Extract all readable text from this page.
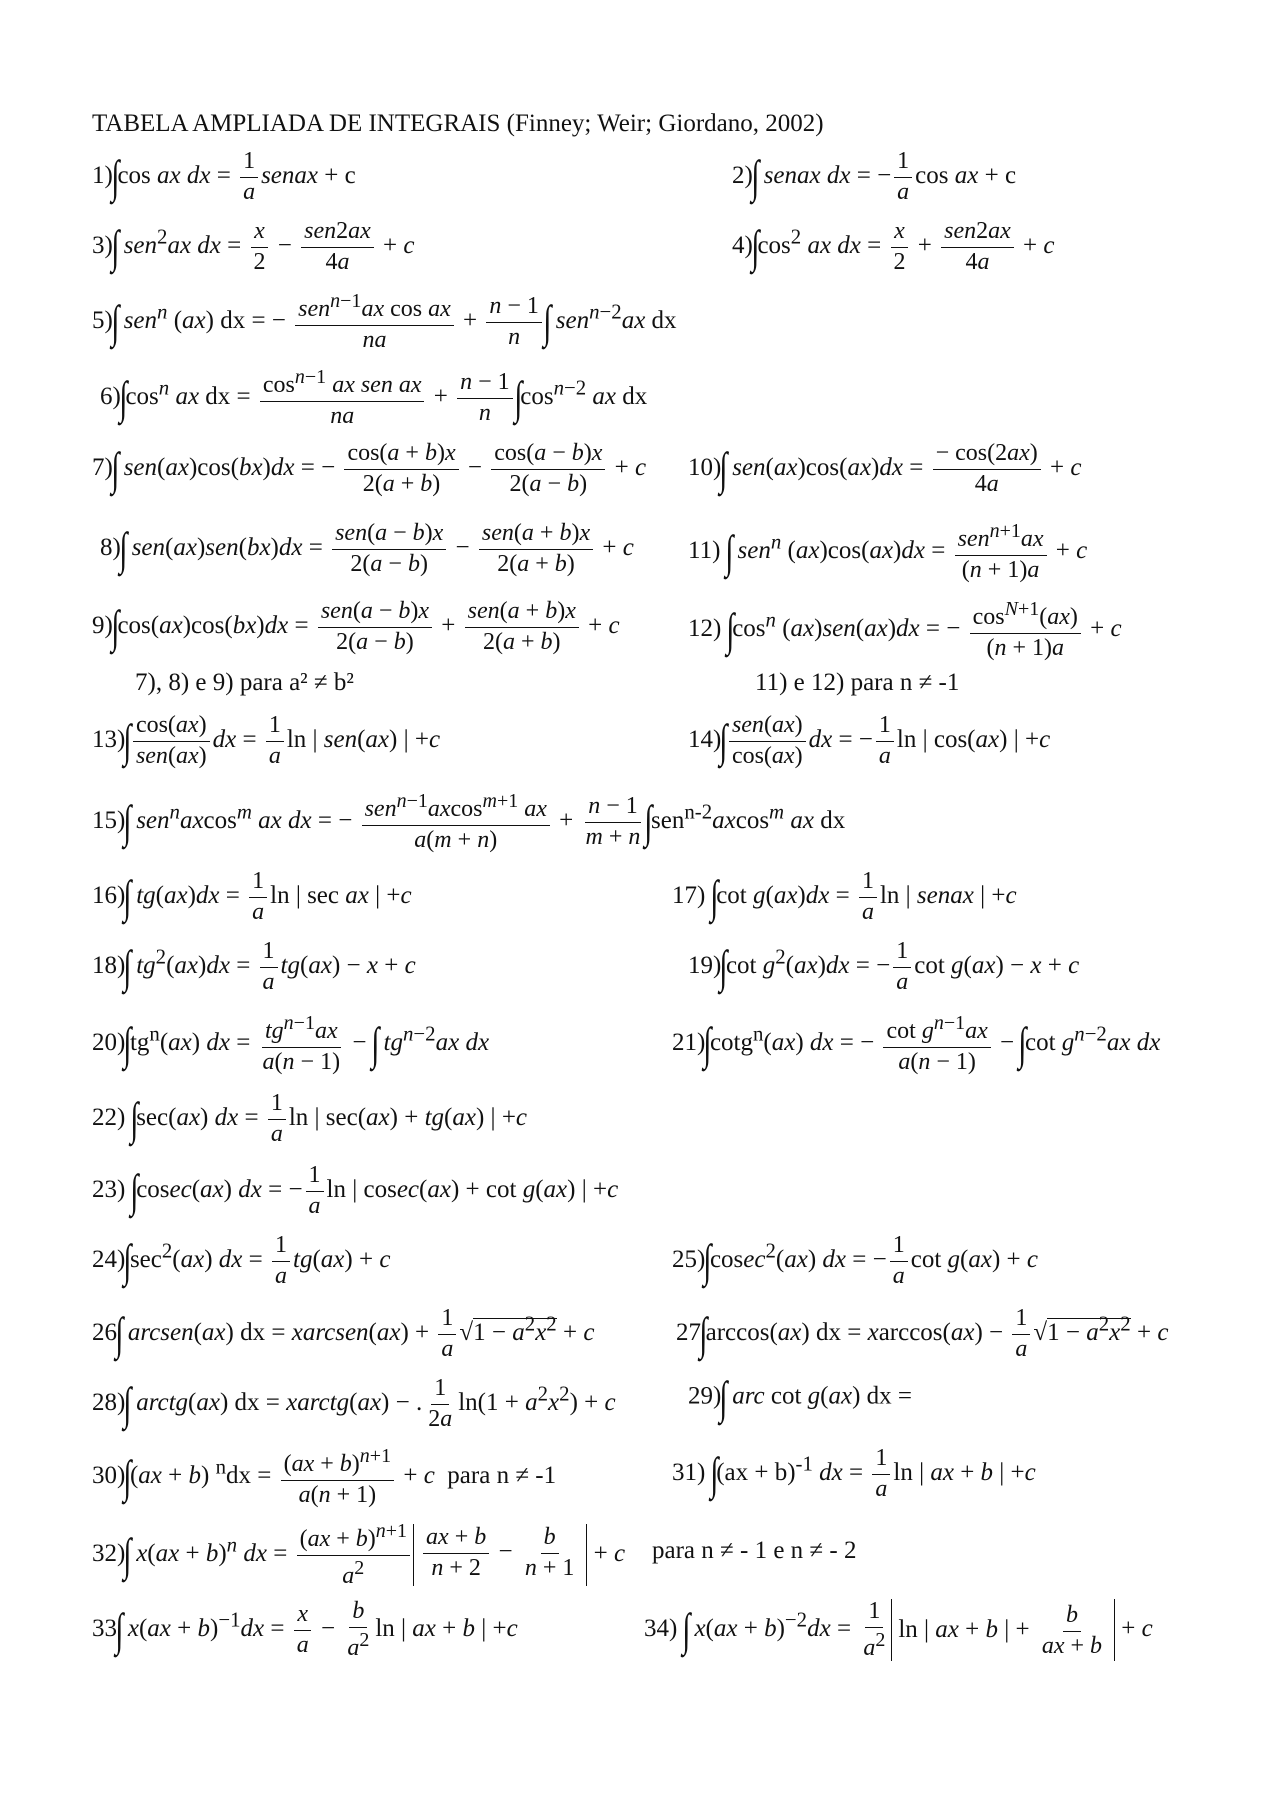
TABELA AMPLIADA DE INTEGRAIS (Finney; Weir; Giordano, 2002)
1)∫cos ax dx = $\frac{1}{a}$ senax + c	2)∫ senax dx = − $\frac{1}{a}$ cos ax + c
3)∫ sen$^2$ax dx = $\frac{x}{2} - \frac{\text{sen2ax}}{4a} + c$	$4)\int\cos^2$ ax dx = $\frac{x}{2} + \frac{\text{sen2ax}}{4a} + c$
5)∫ sen$^n$ (ax) dx = − $\frac{sen^{n-1}ax \cos ax}{na} + \frac{n - 1}{n}$ ∫ sen$^{n-2}$ax dx
$6)\int\cos^n$ ax dx = $\frac{\cos^{n-1} ax sen ax}{na} + \frac{n - 1}{n} \int\cos^{n-2}$ ax dx
7)∫ sen(ax)cos(bx)dx = − $\frac{\cos(a + b)x}{2(a + b)} - \frac{\cos(a - b)x}{2(a - b)} + c$ 10)∫ $sen(ax)\cos(ax)dx = \frac{- \cos(2ax)}{4a} + c$
8)∫ $sen(ax)sen(bx)dx = \frac{\text{sen(a − b)x}}{2(a - b)} - \frac{\text{sen(a + b)x}}{2(a + b)} + c$ 11) ∫ sen$^n$ $(ax)\cos(ax)dx = \frac{sen^{n+1}ax}{(n + 1)a} + c$
$9)\int\cos(ax)\cos(bx)dx = \frac{\text{sen(a − b)x}}{2(a - b)} + \frac{\text{sen(a + b)x}}{2(a + b)} + c$	12) $\int\cos^n$ (ax)sen(ax)dx = − $\frac{\cos^{N+1}(ax)}{(n + 1)a} + c$
7), 8) e 9) para a² ≠ b²	11) e 12) para n ≠ -1
$13)\int \frac{\cos(ax)}{\text{sen(ax)}}$ dx = $\frac{1}{a}$ ln | sen(ax) | +c	$14)\int \frac{\text{sen(ax)}}{\cos(ax)}$ dx = − $\frac{1}{a}$ ln | cos(ax) | +c
15)∫ sen$^n$axcos$^m$ ax dx = − $\frac{sen^{n-1}axcos^{m+1} ax}{a(m + n)} + \frac{n - 1}{m + n} \int sen^{n-2}axcos^m$ ax dx
16)∫ $tg(ax)dx = \frac{1}{a}$ ln | sec ax | +c	17) ∫cot $g(ax)dx = \frac{1}{a}$ ln | senax | +c
18)∫ $tg^2(ax)dx = \frac{1}{a} tg(ax) - x + c$	19)∫cot $g^2(ax)dx$ = − $\frac{1}{a}$ cot g(ax) − x + c
$20)\int tg^n(ax)$ dx = $\frac{tg^{n-1}ax}{a(n - 1)}$ − ∫ $tg^{n-2}ax$ dx	21)∫cotg$^n$(ax) dx = − $\frac{\cot g^{n-1}ax}{a(n - 1)} - \int\cot$ $g^{n-2}ax$ dx
22) ∫sec(ax) dx = $\frac{1}{a}$ ln | sec(ax) + tg(ax) | +c
23) ∫cosec(ax) dx = − $\frac{1}{a}$ ln | cosec(ax) + cot g(ax) | +c
$24)\int\sec^2(ax)$ dx = $\frac{1}{a} tg(ax) + c$	25)∫cosec$^2$(ax) dx = − $\frac{1}{a}$ cot g(ax) + c
26∫ arcsen(ax) dx = xarcsen(ax) + $\frac{1}{a} √1 - a^2x^2 + c$	27∫arccos(ax) dx = $xarccos(ax) - \frac{1}{a} √1 - a^2x^2 + c$
28)∫ arctg(ax) dx = xarctg(ax) − . $\frac{1}{2a} \ln(1 + a^2x^2) + c$	29)∫ arc cot g(ax) dx =
30)∫(ax + b) $^ndx = \frac{(ax + b)^{n+1}}{a(n + 1)} + c$  para n ≠ -1	31) ∫(ax + b)$^{-1}$ dx = $\frac{1}{a}$ ln | ax + b | +c
32)∫ x(ax + b)$^n$ dx = $\frac{(ax + b)^{n+1}}{a^2} \frac{ax + b}{n + 2} - \frac{b}{n + 1} + c$ para n ≠ - 1 e n ≠ - 2
33∫ $x(ax + b)^{-1}dx = \frac{x}{a} - \frac{b}{a^2}$ ln | ax + b | +c	34) ∫ $x(ax + b)^{-2}dx = \frac{1}{a^2}$ ln | ax + b | + $\frac{b}{ax + b} + c$
